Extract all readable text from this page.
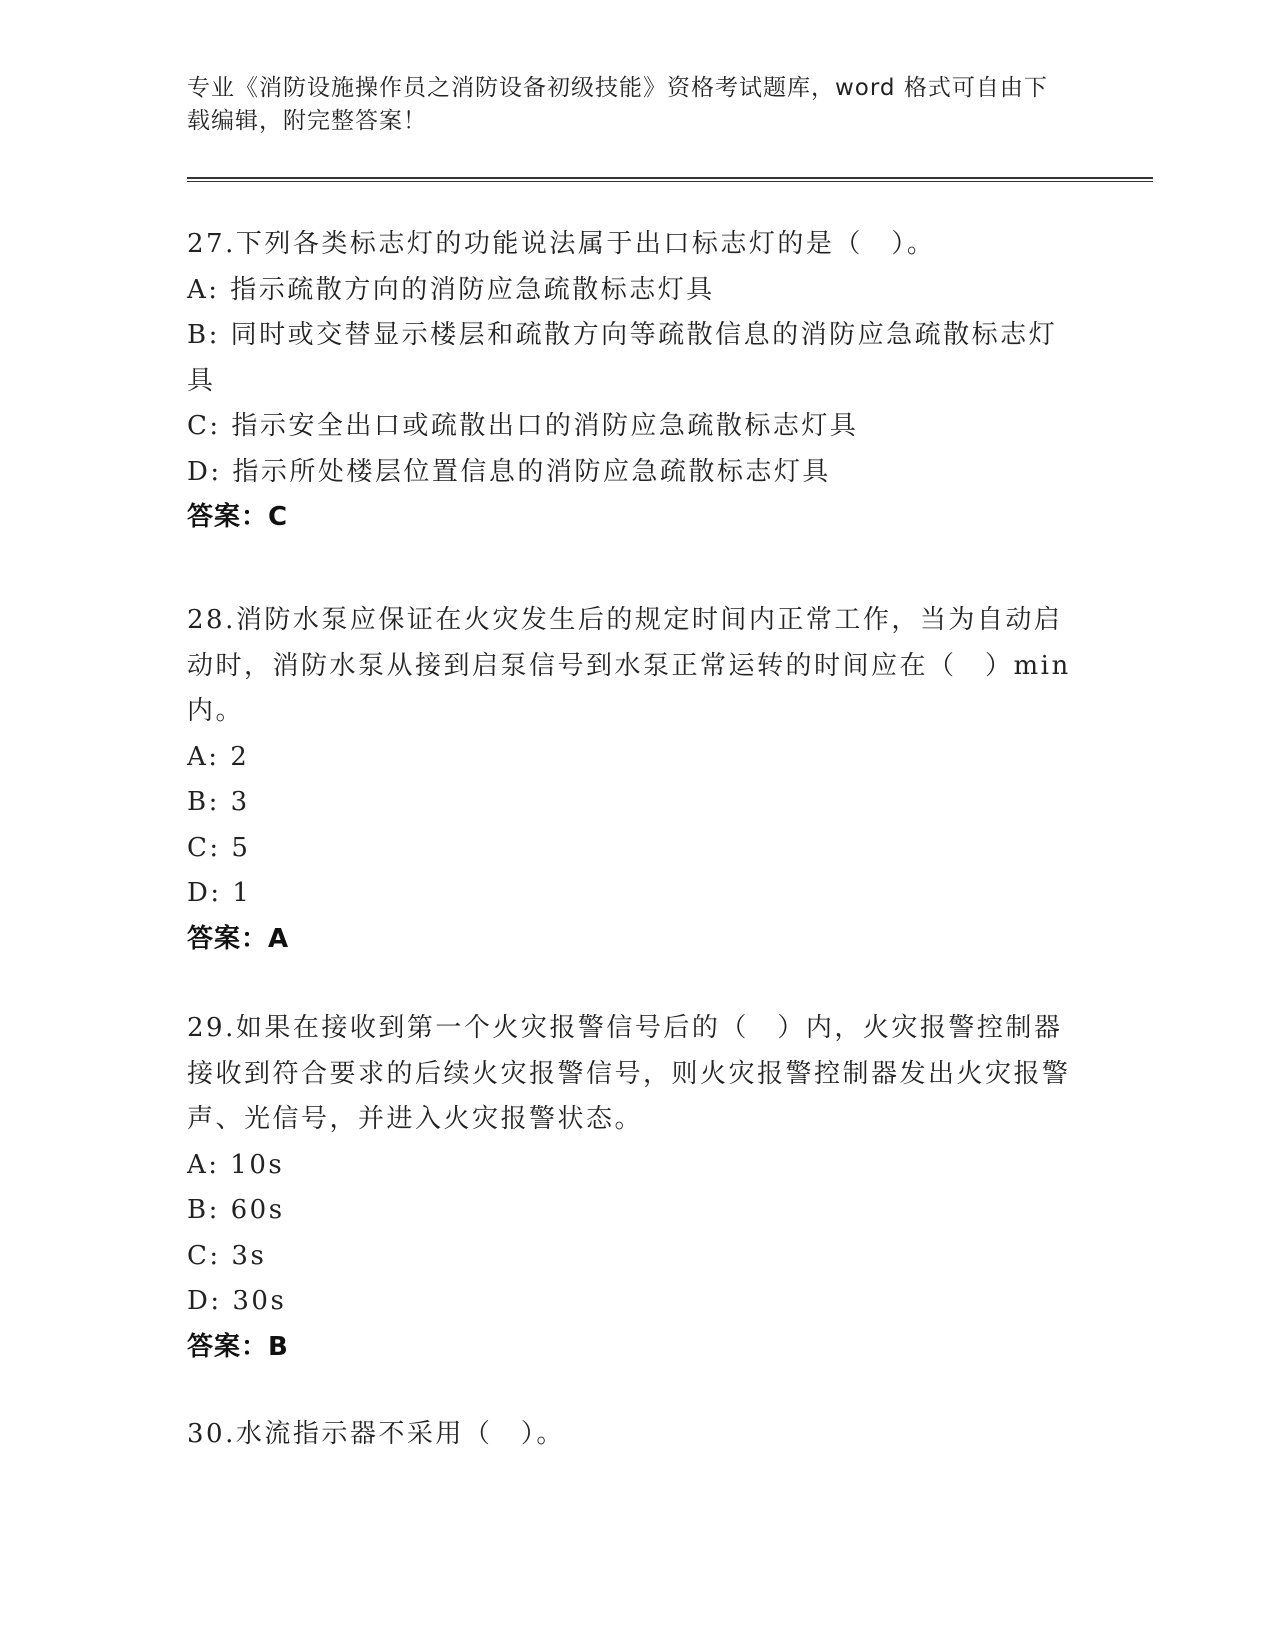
专业《消防设施操作员之消防设备初级技能》资格考试题库，word 格式可自由下载编辑，附完整答案！

27.下列各类标志灯的功能说法属于出口标志灯的是（　）。

A: 指示疏散方向的消防应急疏散标志灯具

B: 同时或交替显示楼层和疏散方向等疏散信息的消防应急疏散标志灯具

C: 指示安全出口或疏散出口的消防应急疏散标志灯具

D: 指示所处楼层位置信息的消防应急疏散标志灯具

答案：C

28.消防水泵应保证在火灾发生后的规定时间内正常工作，当为自动启动时，消防水泵从接到启泵信号到水泵正常运转的时间应在（　）min内。

A: 2

B: 3

C: 5

D: 1

答案：A

29.如果在接收到第一个火灾报警信号后的（　）内，火灾报警控制器接收到符合要求的后续火灾报警信号，则火灾报警控制器发出火灾报警声、光信号，并进入火灾报警状态。

A: 10s

B: 60s

C: 3s

D: 30s

答案：B

30.水流指示器不采用（　）。
